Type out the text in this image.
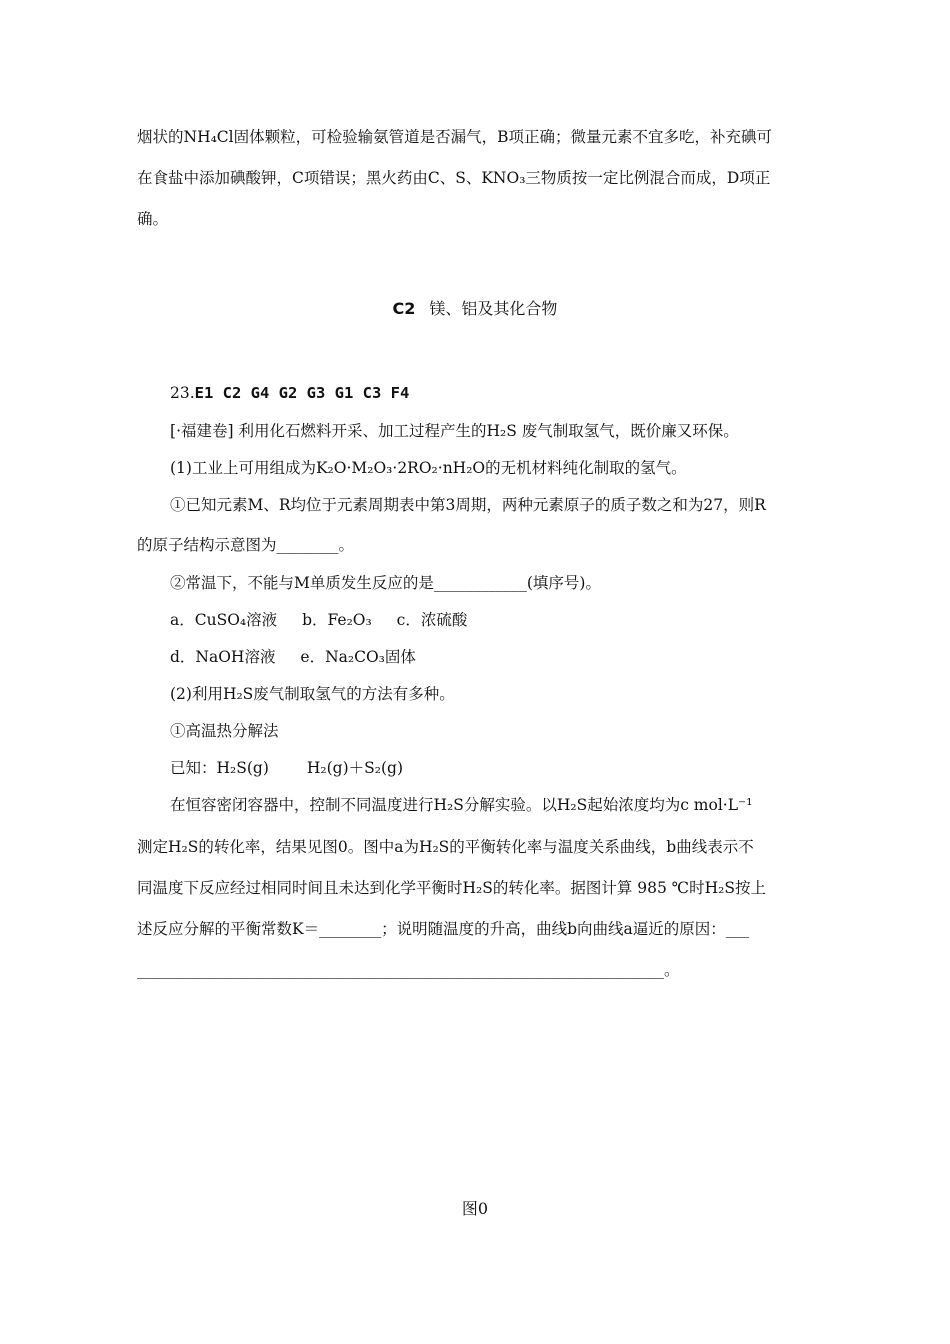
烟状的NH₄Cl固体颗粒，可检验输氨管道是否漏气，B项正确；微量元素不宜多吃，补充碘可
在食盐中添加碘酸钾，C项错误；黑火药由C、S、KNO₃三物质按一定比例混合而成，D项正
确。
C2 镁、铝及其化合物
23.E1 C2 G4 G2 G3 G1 C3 F4
[·福建卷] 利用化石燃料开采、加工过程产生的H₂S 废气制取氢气，既价廉又环保。
(1)工业上可用组成为K₂O·M₂O₃·2RO₂·nH₂O的无机材料纯化制取的氢气。
①已知元素M、R均位于元素周期表中第3周期，两种元素原子的质子数之和为27，则R
的原子结构示意图为________。
②常温下，不能与M单质发生反应的是____________(填序号)。
a．CuSO₄溶液 b．Fe₂O₃ c．浓硫酸
d．NaOH溶液 e．Na₂CO₃固体
(2)利用H₂S废气制取氢气的方法有多种。
①高温热分解法
已知：H₂S(g) H₂(g)＋S₂(g)
在恒容密闭容器中，控制不同温度进行H₂S分解实验。以H₂S起始浓度均为c mol·L⁻¹
测定H₂S的转化率，结果见图0。图中a为H₂S的平衡转化率与温度关系曲线，b曲线表示不
同温度下反应经过相同时间且未达到化学平衡时H₂S的转化率。据图计算 985 ℃时H₂S按上
述反应分解的平衡常数K＝________；说明随温度的升高，曲线b向曲线a逼近的原因：___
____________________________________________________________________。
图0
